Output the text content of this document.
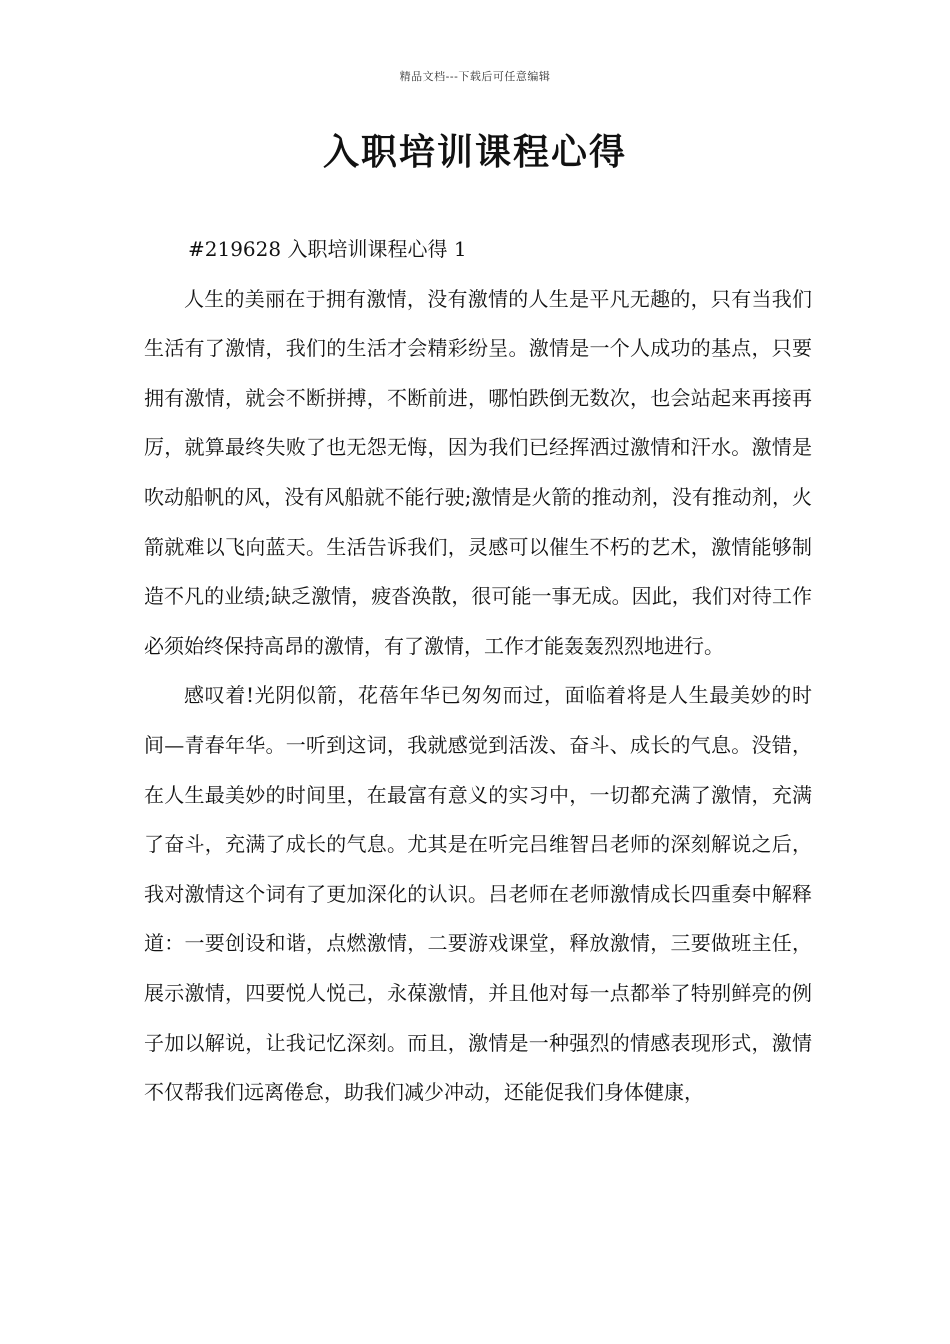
精品文档---下载后可任意编辑
入职培训课程心得
#219628 入职培训课程心得 1

人生的美丽在于拥有激情，没有激情的人生是平凡无趣的，只有当我们生活有了激情，我们的生活才会精彩纷呈。激情是一个人成功的基点，只要拥有激情，就会不断拼搏，不断前进，哪怕跌倒无数次，也会站起来再接再厉，就算最终失败了也无怨无悔，因为我们已经挥洒过激情和汗水。激情是吹动船帆的风，没有风船就不能行驶;激情是火箭的推动剂，没有推动剂，火箭就难以飞向蓝天。生活告诉我们，灵感可以催生不朽的艺术，激情能够制造不凡的业绩;缺乏激情，疲沓涣散，很可能一事无成。因此，我们对待工作必须始终保持高昂的激情，有了激情，工作才能轰轰烈烈地进行。

感叹着!光阴似箭，花蓓年华已匆匆而过，面临着将是人生最美妙的时间—青春年华。一听到这词，我就感觉到活泼、奋斗、成长的气息。没错，在人生最美妙的时间里，在最富有意义的实习中，一切都充满了激情，充满了奋斗，充满了成长的气息。尤其是在听完吕维智吕老师的深刻解说之后，我对激情这个词有了更加深化的认识。吕老师在老师激情成长四重奏中解释道：一要创设和谐，点燃激情，二要游戏课堂，释放激情，三要做班主任，展示激情，四要悦人悦己，永葆激情，并且他对每一点都举了特别鲜亮的例子加以解说，让我记忆深刻。而且，激情是一种强烈的情感表现形式，激情不仅帮我们远离倦怠，助我们减少冲动，还能促我们身体健康，
